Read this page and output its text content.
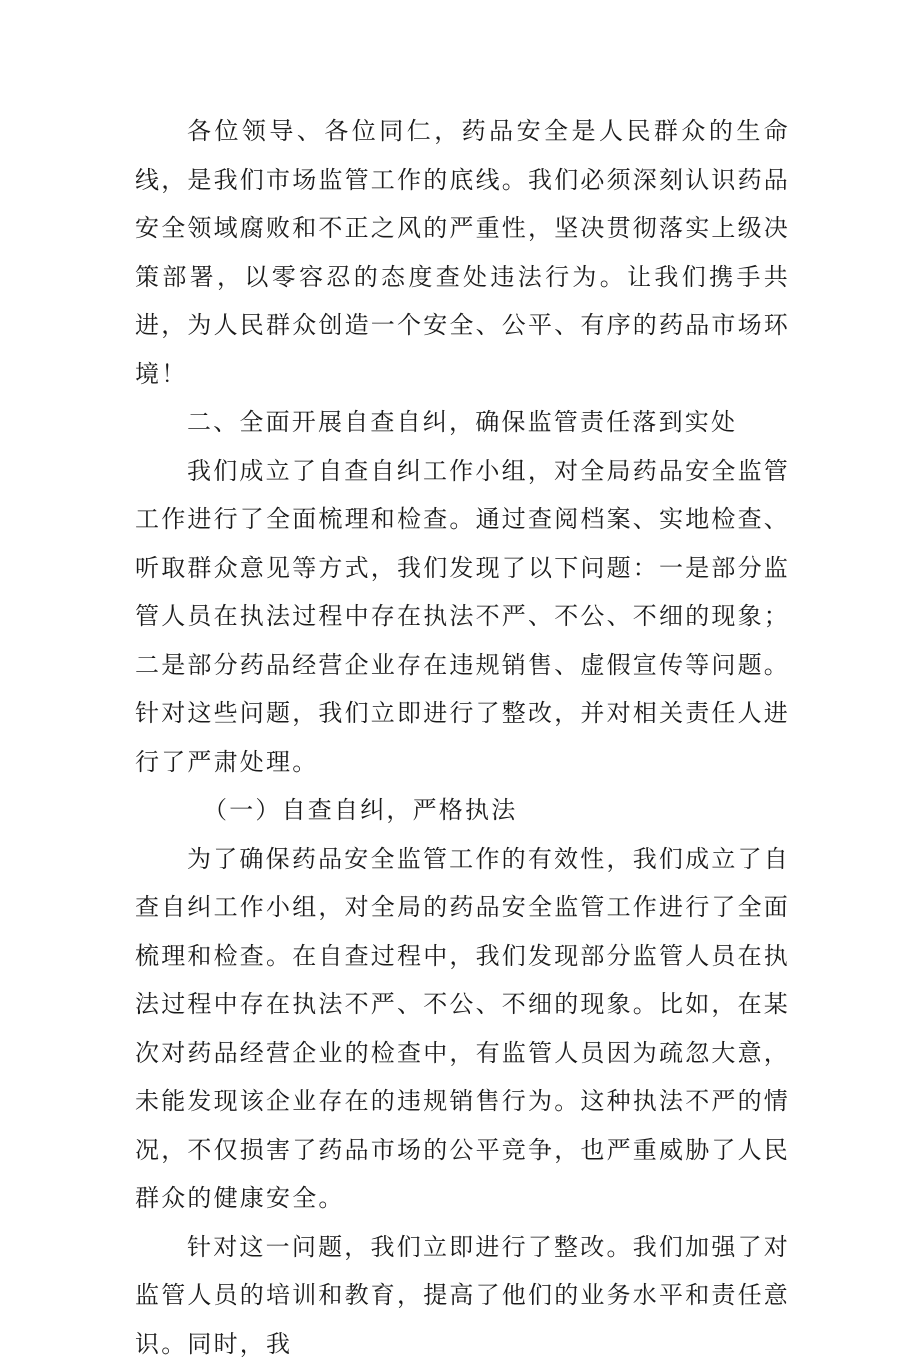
各位领导、各位同仁，药品安全是人民群众的生命线，是我们市场监管工作的底线。我们必须深刻认识药品安全领域腐败和不正之风的严重性，坚决贯彻落实上级决策部署，以零容忍的态度查处违法行为。让我们携手共进，为人民群众创造一个安全、公平、有序的药品市场环境！

二、全面开展自查自纠，确保监管责任落到实处

我们成立了自查自纠工作小组，对全局药品安全监管工作进行了全面梳理和检查。通过查阅档案、实地检查、听取群众意见等方式，我们发现了以下问题：一是部分监管人员在执法过程中存在执法不严、不公、不细的现象；二是部分药品经营企业存在违规销售、虚假宣传等问题。针对这些问题，我们立即进行了整改，并对相关责任人进行了严肃处理。

（一）自查自纠，严格执法

为了确保药品安全监管工作的有效性，我们成立了自查自纠工作小组，对全局的药品安全监管工作进行了全面梳理和检查。在自查过程中，我们发现部分监管人员在执法过程中存在执法不严、不公、不细的现象。比如，在某次对药品经营企业的检查中，有监管人员因为疏忽大意，未能发现该企业存在的违规销售行为。这种执法不严的情况，不仅损害了药品市场的公平竞争，也严重威胁了人民群众的健康安全。

针对这一问题，我们立即进行了整改。我们加强了对监管人员的培训和教育，提高了他们的业务水平和责任意识。同时，我
